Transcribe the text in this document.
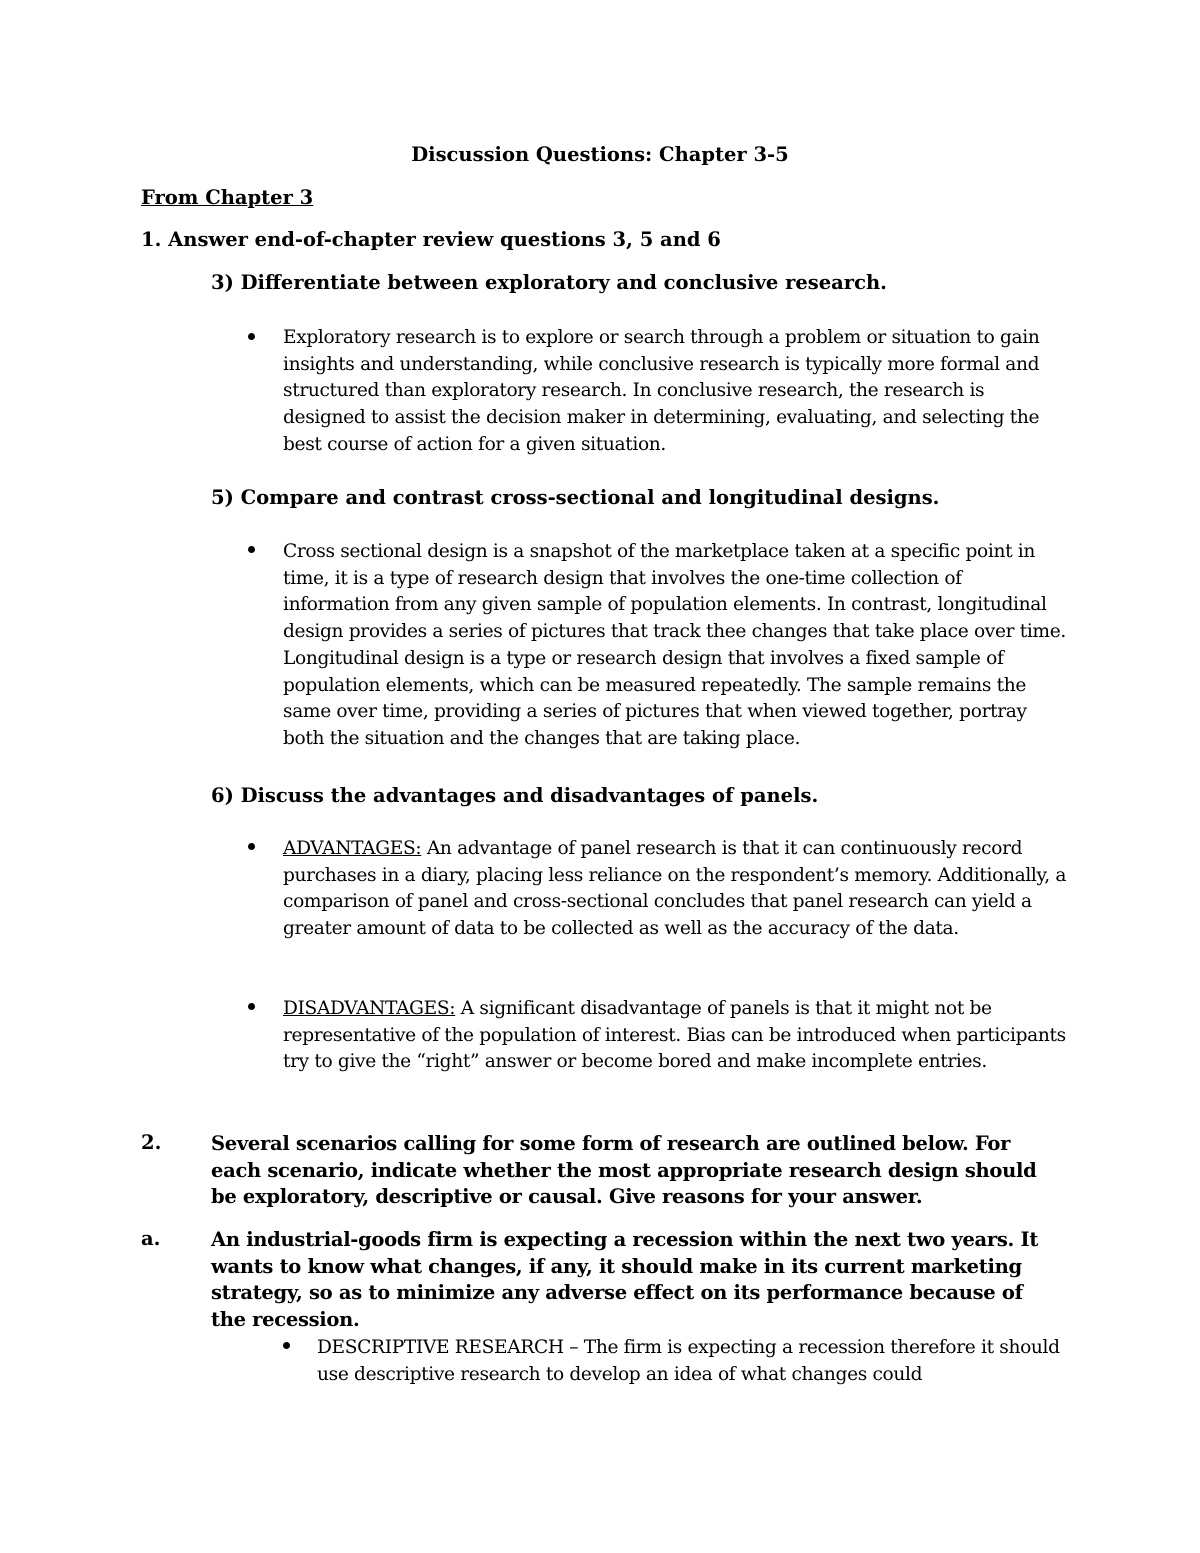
Discussion Questions: Chapter 3-5
From Chapter 3
1. Answer end-of-chapter review questions 3, 5 and 6
3) Differentiate between exploratory and conclusive research.
Exploratory research is to explore or search through a problem or situation to gain insights and understanding, while conclusive research is typically more formal and structured than exploratory research. In conclusive research, the research is designed to assist the decision maker in determining, evaluating, and selecting the best course of action for a given situation.
5) Compare and contrast cross-sectional and longitudinal designs.
Cross sectional design is a snapshot of the marketplace taken at a specific point in time, it is a type of research design that involves the one-time collection of information from any given sample of population elements. In contrast, longitudinal design provides a series of pictures that track thee changes that take place over time. Longitudinal design is a type or research design that involves a fixed sample of population elements, which can be measured repeatedly. The sample remains the same over time, providing a series of pictures that when viewed together, portray both the situation and the changes that are taking place.
6) Discuss the advantages and disadvantages of panels.
ADVANTAGES: An advantage of panel research is that it can continuously record purchases in a diary, placing less reliance on the respondent’s memory. Additionally, a comparison of panel and cross-sectional concludes that panel research can yield a greater amount of data to be collected as well as the accuracy of the data.
DISADVANTAGES: A significant disadvantage of panels is that it might not be representative of the population of interest. Bias can be introduced when participants try to give the “right” answer or become bored and make incomplete entries.
2.	Several scenarios calling for some form of research are outlined below. For each scenario, indicate whether the most appropriate research design should be exploratory, descriptive or causal. Give reasons for your answer.
a.	An industrial-goods firm is expecting a recession within the next two years. It wants to know what changes, if any, it should make in its current marketing strategy, so as to minimize any adverse effect on its performance because of the recession.
DESCRIPTIVE RESEARCH – The firm is expecting a recession therefore it should use descriptive research to develop an idea of what changes could
